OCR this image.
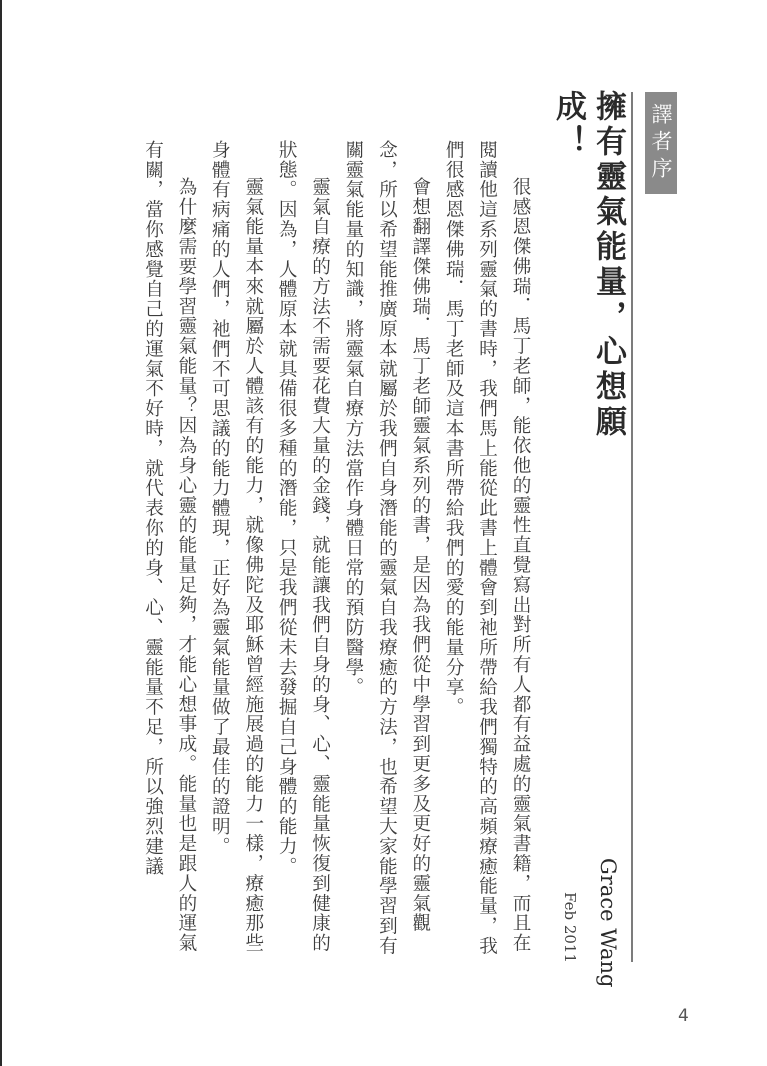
譯者序
擁有靈氣能量，心想願成！
Grace Wang
Feb 2011

很感恩傑佛瑞．馬丁老師，能依他的靈性直覺寫出對所有人都有益處的靈氣書籍，而且在閱讀他這系列靈氣的書時，我們馬上能從此書上體會到祂所帶給我們獨特的高頻療癒能量，我們很感恩傑佛瑞．馬丁老師及這本書所帶給我們的愛的能量分享。

會想翻譯傑佛瑞．馬丁老師靈氣系列的書，是因為我們從中學習到更多及更好的靈氣觀念，所以希望能推廣原本就屬於我們自身潛能的靈氣自我療癒的方法，也希望大家能學習到有關靈氣能量的知識，將靈氣自療方法當作身體日常的預防醫學。

靈氣自療的方法不需要花費大量的金錢，就能讓我們自身的身、心、靈能量恢復到健康的狀態。因為，人體原本就具備很多種的潛能，只是我們從未去發掘自己身體的能力。

靈氣能量本來就屬於人體該有的能力，就像佛陀及耶穌曾經施展過的能力一樣，療癒那些身體有病痛的人們，祂們不可思議的能力體現，正好為靈氣能量做了最佳的證明。

為什麼需要學習靈氣能量？因為身心靈的能量足夠，才能心想事成。能量也是跟人的運氣有關，當你感覺自己的運氣不好時，就代表你的身、心、靈能量不足，所以強烈建議

4
